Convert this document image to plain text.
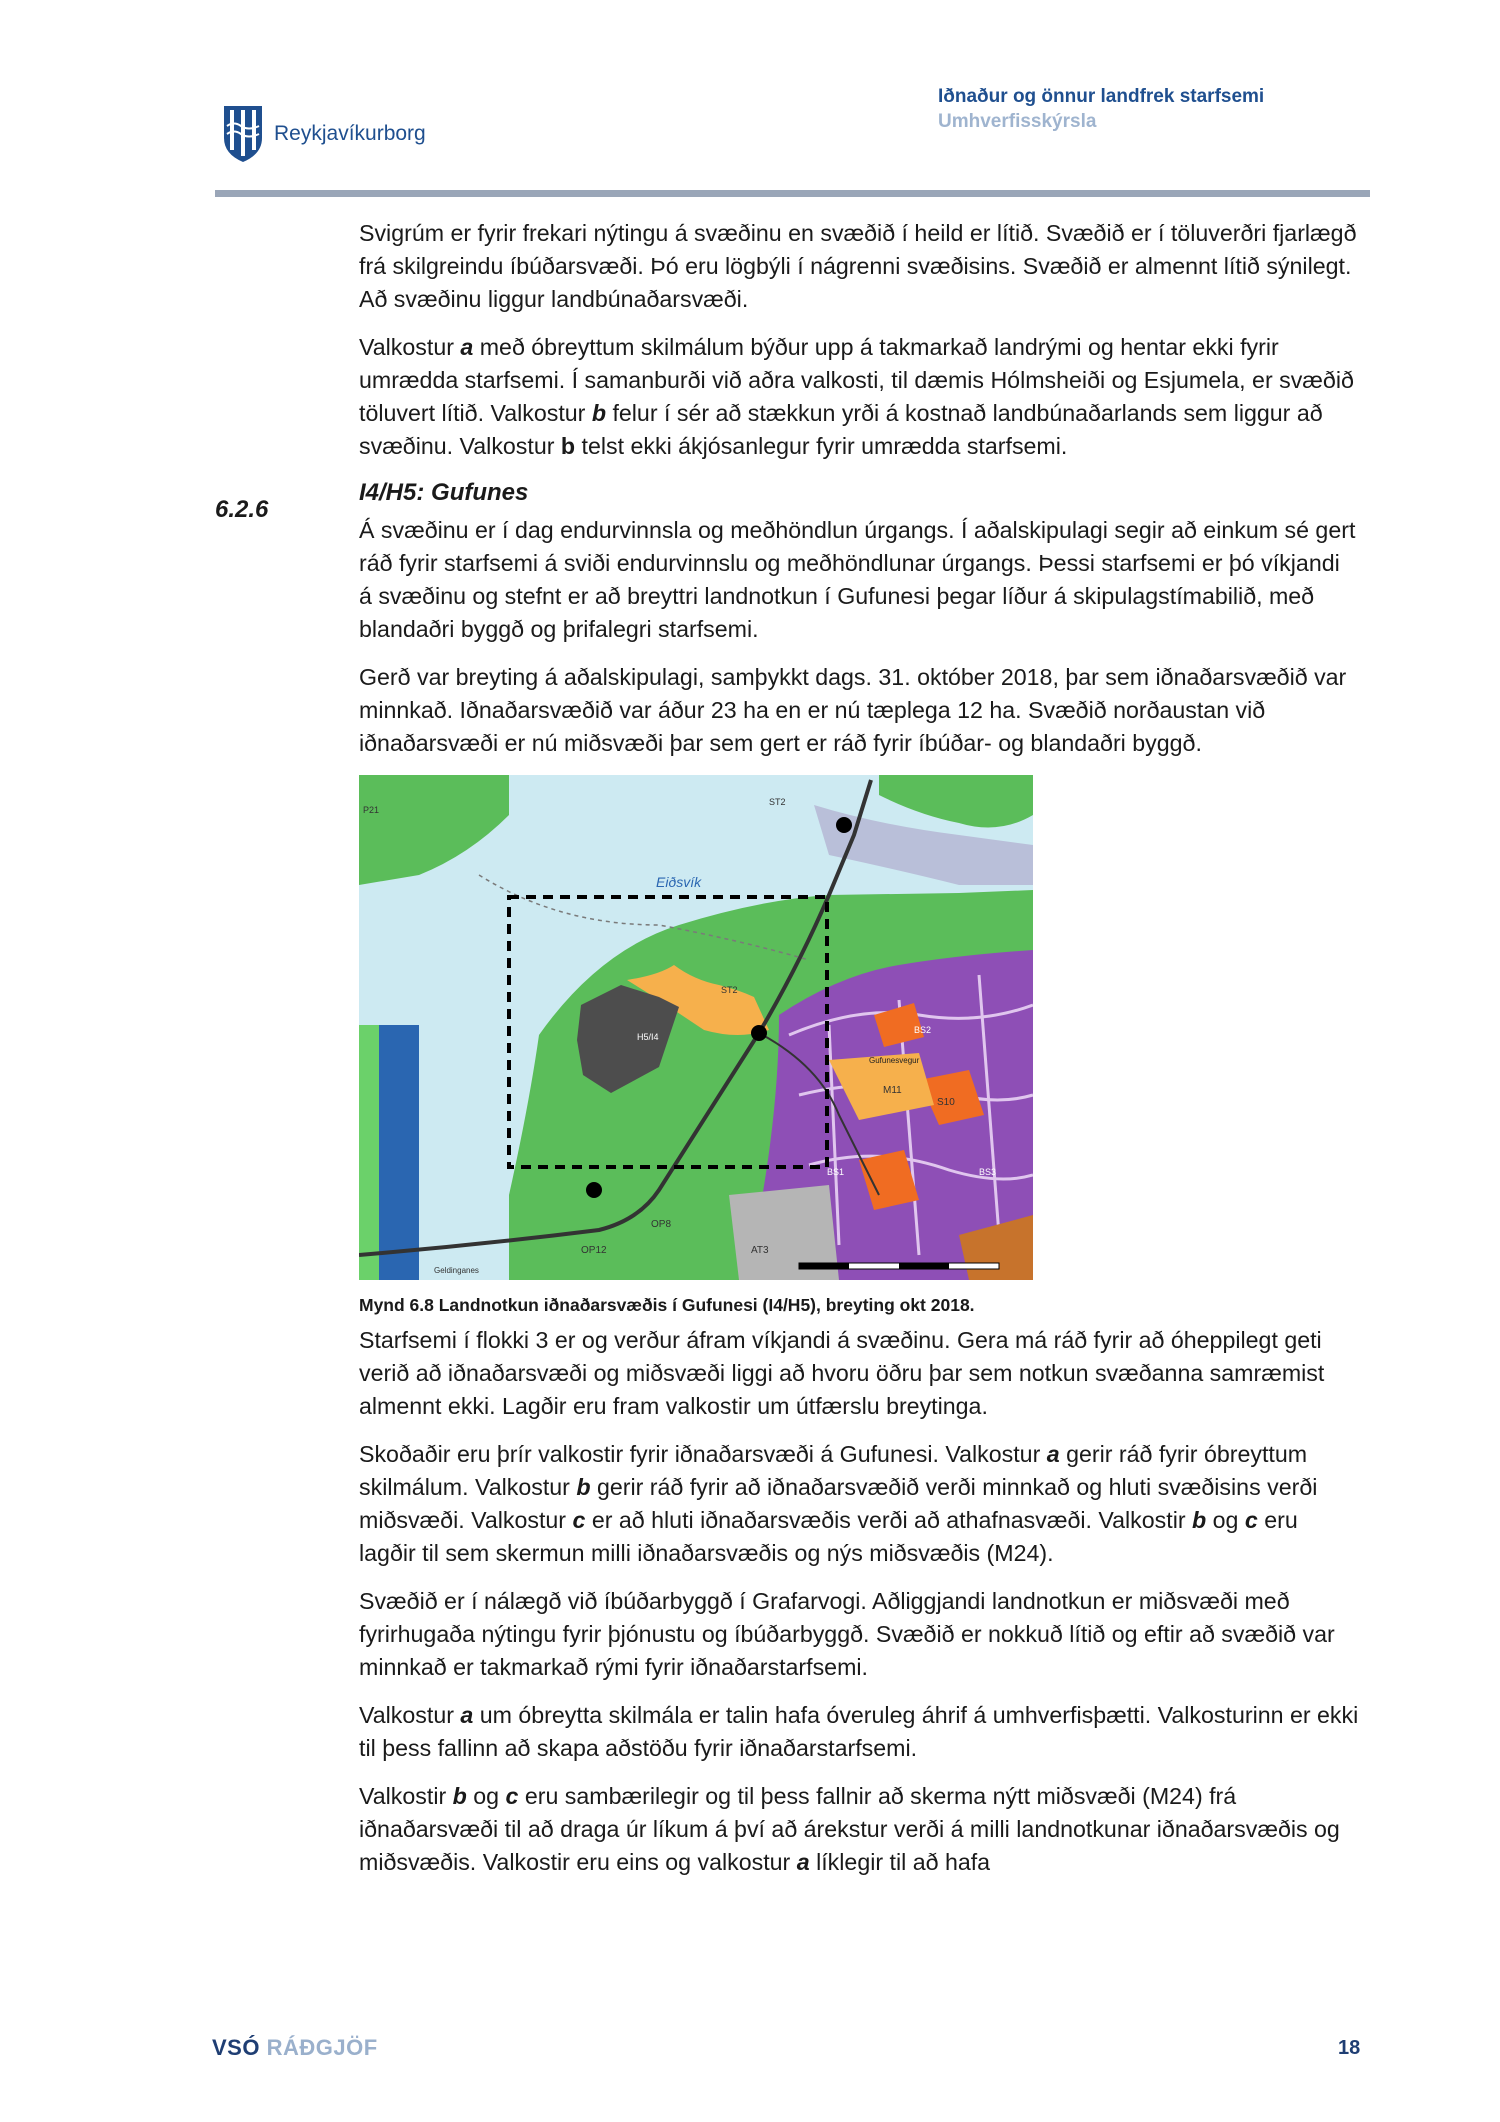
Reykjavíkurborg
Iðnaður og önnur landfrek starfsemi
Umhverfisskýrsla
6.2.6

Svigrúm er fyrir frekari nýtingu á svæðinu en svæðið í heild er lítið. Svæðið er í töluverðri fjarlægð frá skilgreindu íbúðarsvæði. Þó eru lögbýli í nágrenni svæðisins. Svæðið er almennt lítið sýnilegt. Að svæðinu liggur landbúnaðarsvæði.

Valkostur a með óbreyttum skilmálum býður upp á takmarkað landrými og hentar ekki fyrir umrædda starfsemi. Í samanburði við aðra valkosti, til dæmis Hólmsheiði og Esjumela, er svæðið töluvert lítið. Valkostur b felur í sér að stækkun yrði á kostnað landbúnaðarlands sem liggur að svæðinu. Valkostur b telst ekki ákjósanlegur fyrir umrædda starfsemi.

I4/H5: Gufunes

Á svæðinu er í dag endurvinnsla og meðhöndlun úrgangs. Í aðalskipulagi segir að einkum sé gert ráð fyrir starfsemi á sviði endurvinnslu og meðhöndlunar úrgangs. Þessi starfsemi er þó víkjandi á svæðinu og stefnt er að breyttri landnotkun í Gufunesi þegar líður á skipulagstímabilið, með blandaðri byggð og þrifalegri starfsemi.

Gerð var breyting á aðalskipulagi, samþykkt dags. 31. október 2018, þar sem iðnaðarsvæðið var minnkað. Iðnaðarsvæðið var áður 23 ha en er nú tæplega 12 ha. Svæðið norðaustan við iðnaðarsvæði er nú miðsvæði þar sem gert er ráð fyrir íbúðar- og blandaðri byggð.

Eiðsvík
ST2
ST2
P21
H5/I4
M11
S10
OP8
OP12	AT3
BS1
BS2
BS3
Gufunesvegur
Geldinganes
Mynd 6.8 Landnotkun iðnaðarsvæðis í Gufunesi (I4/H5), breyting okt 2018.

Starfsemi í flokki 3 er og verður áfram víkjandi á svæðinu. Gera má ráð fyrir að óheppilegt geti verið að iðnaðarsvæði og miðsvæði liggi að hvoru öðru þar sem notkun svæðanna samræmist almennt ekki. Lagðir eru fram valkostir um útfærslu breytinga.

Skoðaðir eru þrír valkostir fyrir iðnaðarsvæði á Gufunesi. Valkostur a gerir ráð fyrir óbreyttum skilmálum. Valkostur b gerir ráð fyrir að iðnaðarsvæðið verði minnkað og hluti svæðisins verði miðsvæði. Valkostur c er að hluti iðnaðarsvæðis verði að athafnasvæði. Valkostir b og c eru lagðir til sem skermun milli iðnaðarsvæðis og nýs miðsvæðis (M24).

Svæðið er í nálægð við íbúðarbyggð í Grafarvogi. Aðliggjandi landnotkun er miðsvæði með fyrirhugaða nýtingu fyrir þjónustu og íbúðarbyggð. Svæðið er nokkuð lítið og eftir að svæðið var minnkað er takmarkað rými fyrir iðnaðarstarfsemi.

Valkostur a um óbreytta skilmála er talin hafa óveruleg áhrif á umhverfisþætti. Valkosturinn er ekki til þess fallinn að skapa aðstöðu fyrir iðnaðarstarfsemi.

Valkostir b og c eru sambærilegir og til þess fallnir að skerma nýtt miðsvæði (M24) frá iðnaðarsvæði til að draga úr líkum á því að árekstur verði á milli landnotkunar iðnaðarsvæðis og miðsvæðis. Valkostir eru eins og valkostur a líklegir til að hafa

VSÓ RÁÐGJÖF	18
